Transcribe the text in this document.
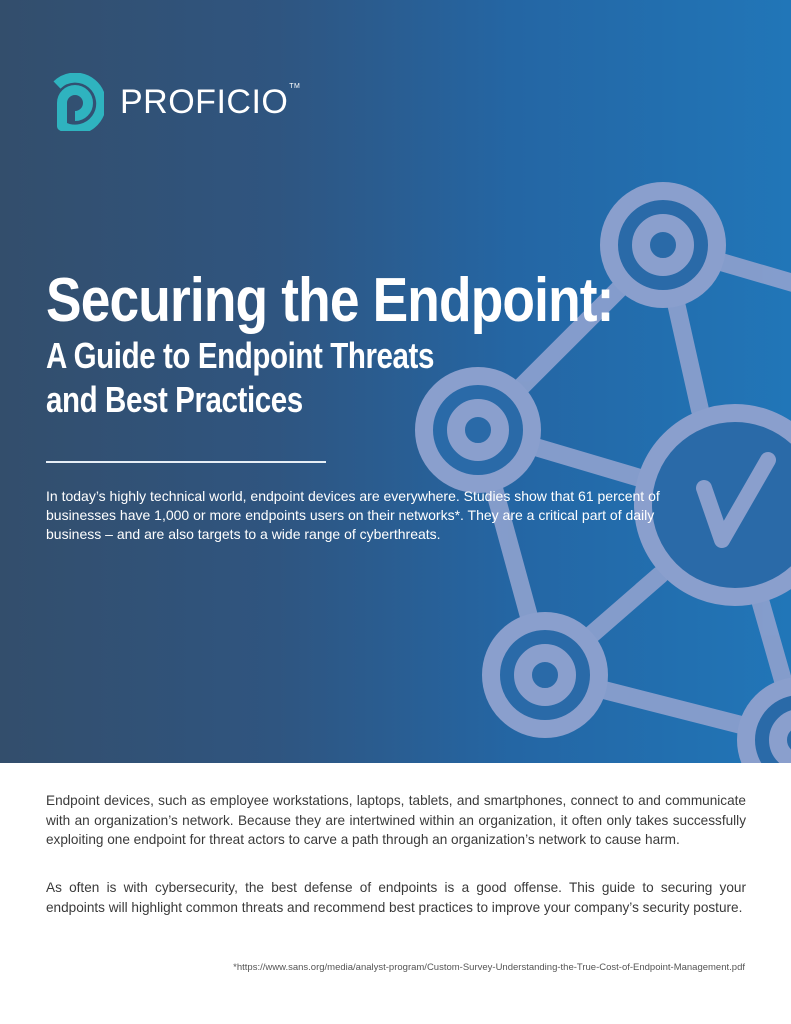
PROFICIO TM
Securing the Endpoint:
A Guide to Endpoint Threats
and Best Practices

In today’s highly technical world, endpoint devices are everywhere. Studies show that 61 percent of businesses have 1,000 or more endpoints users on their networks*. They are a critical part of daily business – and are also targets to a wide range of cyberthreats.

Endpoint devices, such as employee workstations, laptops, tablets, and smartphones, connect to and communicate with an organization’s network. Because they are intertwined within an organization, it often only takes successfully exploiting one endpoint for threat actors to carve a path through an organization’s network to cause harm.

As often is with cybersecurity, the best defense of endpoints is a good offense. This guide to securing your endpoints will highlight common threats and recommend best practices to improve your company’s security posture.

*https://www.sans.org/media/analyst-program/Custom-Survey-Understanding-the-True-Cost-of-Endpoint-Management.pdf
